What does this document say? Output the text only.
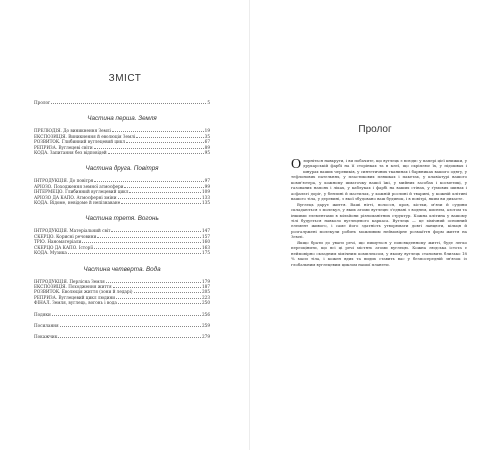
ЗМІСТ
Пролог	5
Частина перша. Земля
ПРЕЛЮДІЯ. До виникнення Землі	19
ЕКСПОЗИЦІЯ. Виникнення й еволюція Землі	35
РОЗВИТОК. Глибинний вуглецевий цикл	67
РЕПРИЗА. Вуглецеві світи	89
КОДА. Запитання без відповідей	95
Частина друга. Повітря
ІНТРОДУКЦІЯ. До повітря	97
АРІОЗО. Походження земної атмосфери	99
ІНТЕРМЕЦО. Глибинний вуглецевий цикл	109
АРІОЗО ДА КАПО. Атмосферні зміни	133
КОДА. Відоме, невідоме й непізнаване	135
Частина третя. Вогонь
ІНТРОДУКЦІЯ. Матеріальний світ	147
СКЕРЦО. Корисні речовини	157
ТРІО. Наноматеріали	160
СКЕРЦО ДА КАПО. Історії	163
КОДА. Музика	175
Частина четверта. Вода
ІНТРОДУКЦІЯ. Перлісна Земля	179
ЕКСПОЗИЦІЯ. Походження життя	187
РОЗВИТОК. Еволюція життя (зони й ледарі)	205
РЕПРИЗА. Вуглецевий цикл людини	223
ФІНАЛ. Земля, вуглець, вогонь і вода	250
Подяки	256
Посилання	259
Покажчик	279
Пролог

Озирніться навкруги, і ви побачите, що вуглець є всюди: у папері цієї книжки, у друкарській фарбі на її сторінках та в клеї, що скріплює їх, у підошвах і шнурах ваших черевиків, у синтетичних тканинах і барвниках вашого одягу, у тефлонових пательнях, у пластикових пляшках і пакетах, у клавіатурі вашого комп'ютера, у кожному шматочку вашої їжі, у мийних засобах і косметиці, у газованих напоях і ліках, у каблуках і фарбі на ваших стінах, у ґумових шинах і асфальті доріг, у бензині й мастилах, у кожній рослині й тварині, у кожній клітині вашого тіла, у деревині, з якої збудовано ваш будинок, і в повітрі, яким ви дихаєте.

Вуглець дарує життя. Ваші нігті, волосся, кров, кістки, м'язи й судини складаються з молекул, у яких атоми вуглецю з'єднані з воднем, киснем, азотом та іншими елементами в мільйони різноманітних структур. Кожна клітина у вашому тілі будується навколо вуглецевого каркаса. Вуглець — це хімічний основний елемент живого, і саме його здатність утворювати довгі ланцюги, кільця й розгалужені молекули робить можливим неймовірне розмаїття форм життя на Землі.

Якщо брати до уваги речі, що пишуться у повсякденному житті, буде легко переоцінити, що всі ці речі містять атоми вуглецю. Кожна людська істота є неймовірно складним хімічним комплексом, у якому вуглець становить близько 18 % маси тіла, і кожен вдих та видих ставить вас у безпосередній зв'язок із глобальним вуглецевим циклом нашої планети.
